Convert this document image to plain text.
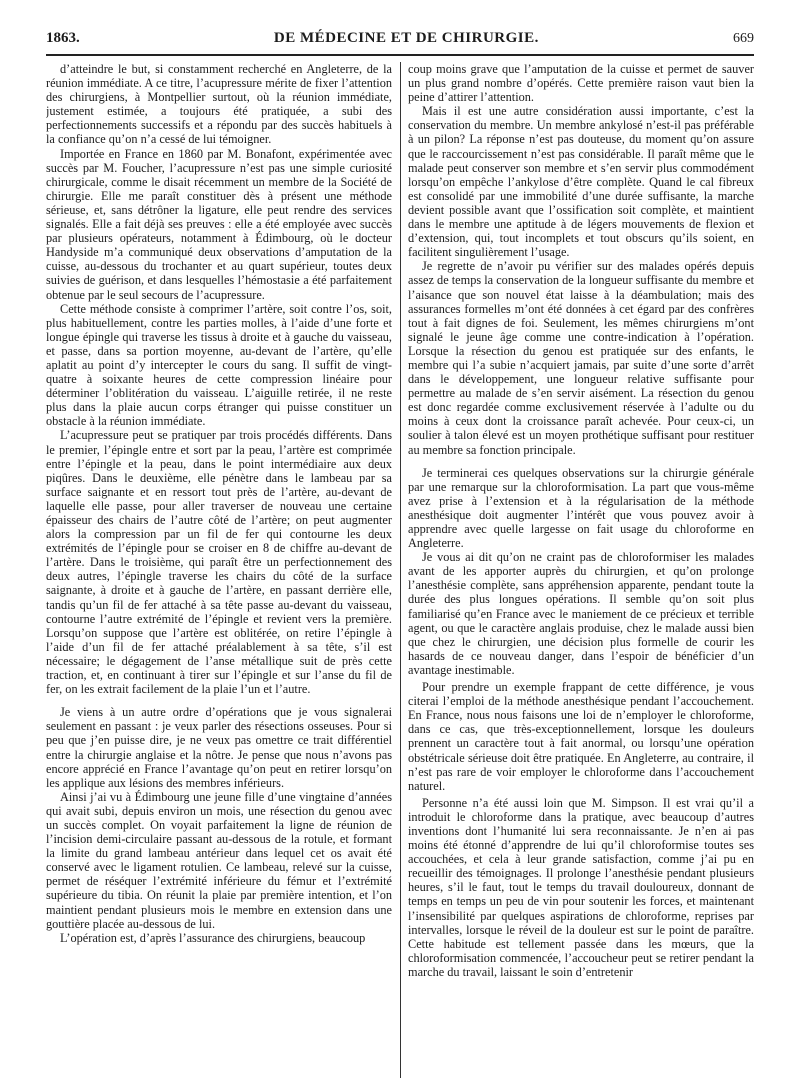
1863.	DE MÉDECINE ET DE CHIRURGIE.	669

d’atteindre le but, si constamment recherché en Angleterre, de la réunion immédiate. A ce titre, l’acupressure mérite de fixer l’attention des chirurgiens, à Montpellier surtout, où la réunion immédiate, justement estimée, a toujours été pratiquée, a subi des perfectionnements successifs et a répondu par des succès habituels à la confiance qu’on n’a cessé de lui témoigner.

Importée en France en 1860 par M. Bonafont, expérimentée avec succès par M. Foucher, l’acupressure n’est pas une simple curiosité chirurgicale, comme le disait récemment un membre de la Société de chirurgie. Elle me paraît constituer dès à présent une méthode sérieuse, et, sans détrôner la ligature, elle peut rendre des services signalés. Elle a fait déjà ses preuves : elle a été employée avec succès par plusieurs opérateurs, notamment à Édimbourg, où le docteur Handyside m’a communiqué deux observations d’amputation de la cuisse, au-dessous du trochanter et au quart supérieur, toutes deux suivies de guérison, et dans lesquelles l’hémostasie a été parfaitement obtenue par le seul secours de l’acupressure.

Cette méthode consiste à comprimer l’artère, soit contre l’os, soit, plus habituellement, contre les parties molles, à l’aide d’une forte et longue épingle qui traverse les tissus à droite et à gauche du vaisseau, et passe, dans sa portion moyenne, au-devant de l’artère, qu’elle aplatit au point d’y intercepter le cours du sang. Il suffit de vingt-quatre à soixante heures de cette compression linéaire pour déterminer l’oblitération du vaisseau. L’aiguille retirée, il ne reste plus dans la plaie aucun corps étranger qui puisse constituer un obstacle à la réunion immédiate.

L’acupressure peut se pratiquer par trois procédés différents. Dans le premier, l’épingle entre et sort par la peau, l’artère est comprimée entre l’épingle et la peau, dans le point intermédiaire aux deux piqûres. Dans le deuxième, elle pénètre dans le lambeau par sa surface saignante et en ressort tout près de l’artère, au-devant de laquelle elle passe, pour aller traverser de nouveau une certaine épaisseur des chairs de l’autre côté de l’artère; on peut augmenter alors la compression par un fil de fer qui contourne les deux extrémités de l’épingle pour se croiser en 8 de chiffre au-devant de l’artère. Dans le troisième, qui paraît être un perfectionnement des deux autres, l’épingle traverse les chairs du côté de la surface saignante, à droite et à gauche de l’artère, en passant derrière elle, tandis qu’un fil de fer attaché à sa tête passe au-devant du vaisseau, contourne l’autre extrémité de l’épingle et revient vers la première. Lorsqu’on suppose que l’artère est oblitérée, on retire l’épingle à l’aide d’un fil de fer attaché préalablement à sa tête, s’il est nécessaire; le dégagement de l’anse métallique suit de près cette traction, et, en continuant à tirer sur l’épingle et sur l’anse du fil de fer, on les extrait facilement de la plaie l’un et l’autre.

Je viens à un autre ordre d’opérations que je vous signalerai seulement en passant : je veux parler des résections osseuses. Pour si peu que j’en puisse dire, je ne veux pas omettre ce trait différentiel entre la chirurgie anglaise et la nôtre. Je pense que nous n’avons pas encore apprécié en France l’avantage qu’on peut en retirer lorsqu’on les applique aux lésions des membres inférieurs.

Ainsi j’ai vu à Édimbourg une jeune fille d’une vingtaine d’années qui avait subi, depuis environ un mois, une résection du genou avec un succès complet. On voyait parfaitement la ligne de réunion de l’incision demi-circulaire passant au-dessous de la rotule, et formant la limite du grand lambeau antérieur dans lequel cet os avait été conservé avec le ligament rotulien. Ce lambeau, relevé sur la cuisse, permet de réséquer l’extrémité inférieure du fémur et l’extrémité supérieure du tibia. On réunit la plaie par première intention, et l’on maintient pendant plusieurs mois le membre en extension dans une gouttière placée au-dessous de lui.

L’opération est, d’après l’assurance des chirurgiens, beaucoup

coup moins grave que l’amputation de la cuisse et permet de sauver un plus grand nombre d’opérés. Cette première raison vaut bien la peine d’attirer l’attention.

Mais il est une autre considération aussi importante, c’est la conservation du membre. Un membre ankylosé n’est-il pas préférable à un pilon? La réponse n’est pas douteuse, du moment qu’on assure que le raccourcissement n’est pas considérable. Il paraît même que le malade peut conserver son membre et s’en servir plus commodément lorsqu’on empêche l’ankylose d’être complète. Quand le cal fibreux est consolidé par une immobilité d’une durée suffisante, la marche devient possible avant que l’ossification soit complète, et maintient dans le membre une aptitude à de légers mouvements de flexion et d’extension, qui, tout incomplets et tout obscurs qu’ils soient, en facilitent singulièrement l’usage.

Je regrette de n’avoir pu vérifier sur des malades opérés depuis assez de temps la conservation de la longueur suffisante du membre et l’aisance que son nouvel état laisse à la déambulation; mais des assurances formelles m’ont été données à cet égard par des confrères tout à fait dignes de foi. Seulement, les mêmes chirurgiens m’ont signalé le jeune âge comme une contre-indication à l’opération. Lorsque la résection du genou est pratiquée sur des enfants, le membre qui l’a subie n’acquiert jamais, par suite d’une sorte d’arrêt dans le développement, une longueur relative suffisante pour permettre au malade de s’en servir aisément. La résection du genou est donc regardée comme exclusivement réservée à l’adulte ou du moins à ceux dont la croissance paraît achevée. Pour ceux-ci, un soulier à talon élevé est un moyen prothétique suffisant pour restituer au membre sa fonction principale.

Je terminerai ces quelques observations sur la chirurgie générale par une remarque sur la chloroformisation. La part que vous-même avez prise à l’extension et à la régularisation de la méthode anesthésique doit augmenter l’intérêt que vous pouvez avoir à apprendre avec quelle largesse on fait usage du chloroforme en Angleterre.

Je vous ai dit qu’on ne craint pas de chloroformiser les malades avant de les apporter auprès du chirurgien, et qu’on prolonge l’anesthésie complète, sans appréhension apparente, pendant toute la durée des plus longues opérations. Il semble qu’on soit plus familiarisé qu’en France avec le maniement de ce précieux et terrible agent, ou que le caractère anglais produise, chez le malade aussi bien que chez le chirurgien, une décision plus formelle de courir les hasards de ce nouveau danger, dans l’espoir de bénéficier d’un avantage inestimable.

Pour prendre un exemple frappant de cette différence, je vous citerai l’emploi de la méthode anesthésique pendant l’accouchement. En France, nous nous faisons une loi de n’employer le chloroforme, dans ce cas, que très-exceptionnellement, lorsque les douleurs prennent un caractère tout à fait anormal, ou lorsqu’une opération obstétricale sérieuse doit être pratiquée. En Angleterre, au contraire, il n’est pas rare de voir employer le chloroforme dans l’accouchement naturel.

Personne n’a été aussi loin que M. Simpson. Il est vrai qu’il a introduit le chloroforme dans la pratique, avec beaucoup d’autres inventions dont l’humanité lui sera reconnaissante. Je n’en ai pas moins été étonné d’apprendre de lui qu’il chloroformise toutes ses accouchées, et cela à leur grande satisfaction, comme j’ai pu en recueillir des témoignages. Il prolonge l’anesthésie pendant plusieurs heures, s’il le faut, tout le temps du travail douloureux, donnant de temps en temps un peu de vin pour soutenir les forces, et maintenant l’insensibilité par quelques aspirations de chloroforme, reprises par intervalles, lorsque le réveil de la douleur est sur le point de paraître. Cette habitude est tellement passée dans les mœurs, que la chloroformisation commencée, l’accoucheur peut se retirer pendant la marche du travail, laissant le soin d’entretenir
